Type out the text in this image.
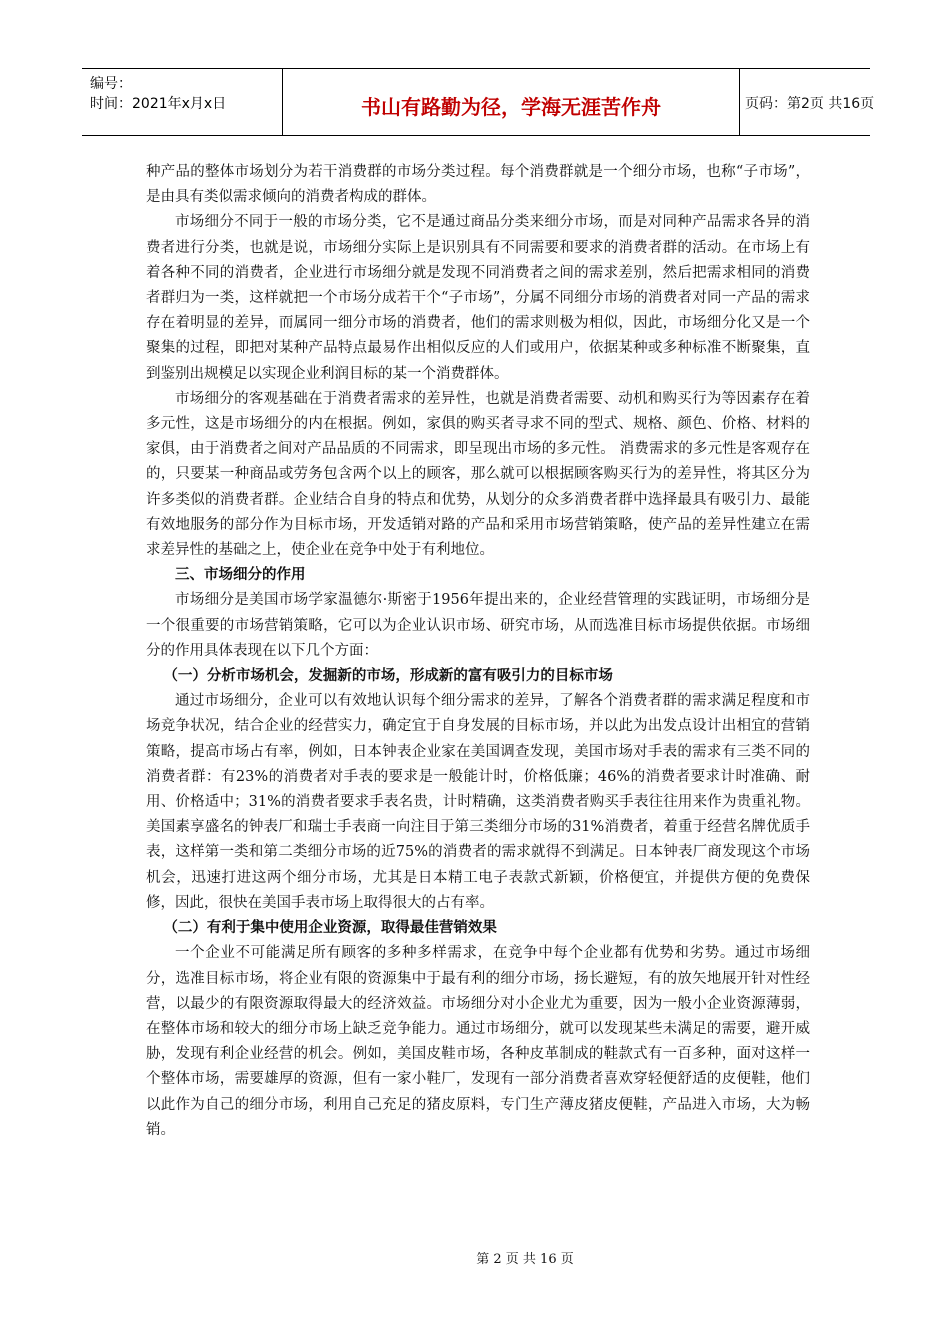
编号：
时间：2021年x月x日	书山有路勤为径，学海无涯苦作舟	页码：第2页 共16页

种产品的整体市场划分为若干消费群的市场分类过程。每个消费群就是一个细分市场，也称“子市场”，是由具有类似需求倾向的消费者构成的群体。

市场细分不同于一般的市场分类，它不是通过商品分类来细分市场，而是对同种产品需求各异的消费者进行分类，也就是说，市场细分实际上是识别具有不同需要和要求的消费者群的活动。在市场上有着各种不同的消费者，企业进行市场细分就是发现不同消费者之间的需求差别，然后把需求相同的消费者群归为一类，这样就把一个市场分成若干个“子市场”，分属不同细分市场的消费者对同一产品的需求存在着明显的差异，而属同一细分市场的消费者，他们的需求则极为相似，因此，市场细分化又是一个聚集的过程，即把对某种产品特点最易作出相似反应的人们或用户，依据某种或多种标准不断聚集，直到鉴别出规模足以实现企业利润目标的某一个消费群体。

市场细分的客观基础在于消费者需求的差异性，也就是消费者需要、动机和购买行为等因素存在着多元性，这是市场细分的内在根据。例如，家俱的购买者寻求不同的型式、规格、颜色、价格、材料的家俱，由于消费者之间对产品品质的不同需求，即呈现出市场的多元性。 消费需求的多元性是客观存在的，只要某一种商品或劳务包含两个以上的顾客，那么就可以根据顾客购买行为的差异性，将其区分为许多类似的消费者群。企业结合自身的特点和优势，从划分的众多消费者群中选择最具有吸引力、最能有效地服务的部分作为目标市场，开发适销对路的产品和采用市场营销策略，使产品的差异性建立在需求差异性的基础之上，使企业在竞争中处于有利地位。

三、市场细分的作用

市场细分是美国市场学家温德尔·斯密于1956年提出来的，企业经营管理的实践证明，市场细分是一个很重要的市场营销策略，它可以为企业认识市场、研究市场，从而选准目标市场提供依据。市场细分的作用具体表现在以下几个方面：

（一）分析市场机会，发掘新的市场，形成新的富有吸引力的目标市场

通过市场细分，企业可以有效地认识每个细分需求的差异，了解各个消费者群的需求满足程度和市场竞争状况，结合企业的经营实力，确定宜于自身发展的目标市场，并以此为出发点设计出相宜的营销策略，提高市场占有率，例如，日本钟表企业家在美国调查发现，美国市场对手表的需求有三类不同的消费者群：有23%的消费者对手表的要求是一般能计时，价格低廉；46%的消费者要求计时准确、耐用、价格适中；31%的消费者要求手表名贵，计时精确，这类消费者购买手表往往用来作为贵重礼物。美国素享盛名的钟表厂和瑞士手表商一向注目于第三类细分市场的31%消费者，着重于经营名牌优质手表，这样第一类和第二类细分市场的近75%的消费者的需求就得不到满足。日本钟表厂商发现这个市场机会，迅速打进这两个细分市场，尤其是日本精工电子表款式新颖，价格便宜，并提供方便的免费保修，因此，很快在美国手表市场上取得很大的占有率。

（二）有利于集中使用企业资源，取得最佳营销效果

一个企业不可能满足所有顾客的多种多样需求，在竞争中每个企业都有优势和劣势。通过市场细分，选准目标市场，将企业有限的资源集中于最有利的细分市场，扬长避短，有的放矢地展开针对性经营，以最少的有限资源取得最大的经济效益。市场细分对小企业尤为重要，因为一般小企业资源薄弱，在整体市场和较大的细分市场上缺乏竞争能力。通过市场细分，就可以发现某些未满足的需要，避开威胁，发现有利企业经营的机会。例如，美国皮鞋市场，各种皮革制成的鞋款式有一百多种，面对这样一个整体市场，需要雄厚的资源，但有一家小鞋厂，发现有一部分消费者喜欢穿轻便舒适的皮便鞋，他们以此作为自己的细分市场，利用自己充足的猪皮原料，专门生产薄皮猪皮便鞋，产品进入市场，大为畅销。

第 2 页 共 16 页
